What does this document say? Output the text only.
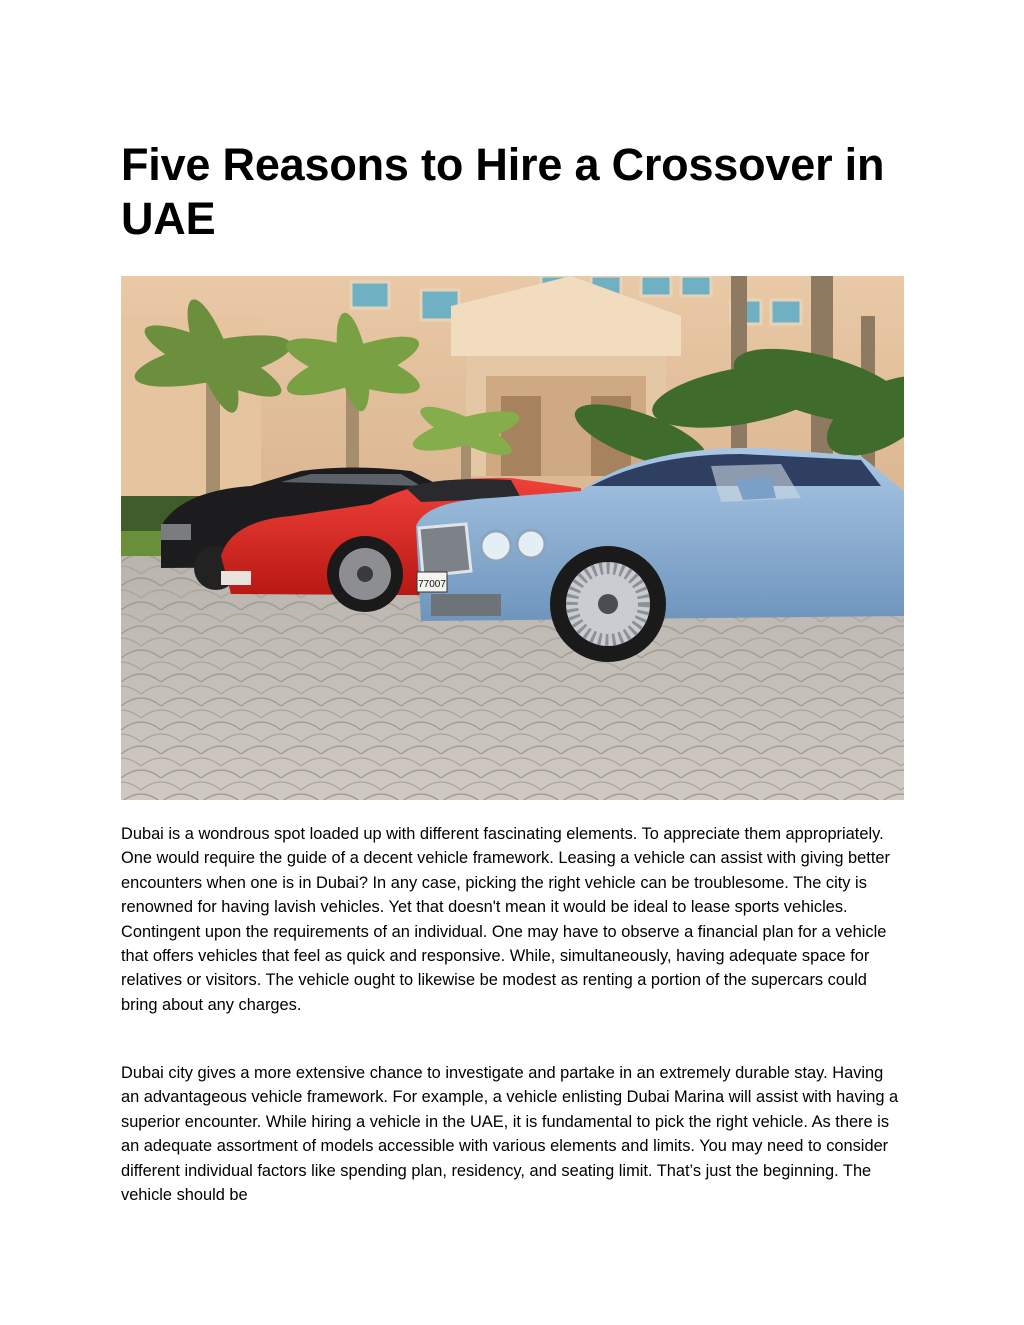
Five Reasons to Hire a Crossover in UAE
77007

Dubai is a wondrous spot loaded up with different fascinating elements. To appreciate them appropriately. One would require the guide of a decent vehicle framework. Leasing a vehicle can assist with giving better encounters when one is in Dubai? In any case, picking the right vehicle can be troublesome. The city is renowned for having lavish vehicles. Yet that doesn't mean it would be ideal to lease sports vehicles. Contingent upon the requirements of an individual. One may have to observe a financial plan for a vehicle that offers vehicles that feel as quick and responsive. While, simultaneously, having adequate space for relatives or visitors. The vehicle ought to likewise be modest as renting a portion of the supercars could bring about any charges.

Dubai city gives a more extensive chance to investigate and partake in an extremely durable stay. Having an advantageous vehicle framework. For example, a vehicle enlisting Dubai Marina will assist with having a superior encounter. While hiring a vehicle in the UAE, it is fundamental to pick the right vehicle. As there is an adequate assortment of models accessible with various elements and limits. You may need to consider different individual factors like spending plan, residency, and seating limit. That’s just the beginning. The vehicle should be
